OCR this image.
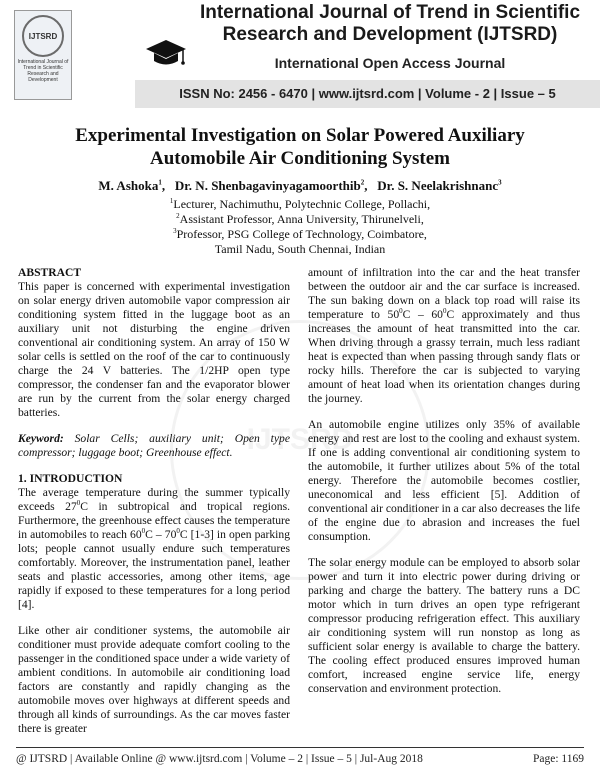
IJTSRD
International Journal of Trend in Scientific Research and Development
International Journal of Trend in Scientific
Research and Development (IJTSRD)
International Open Access Journal
ISSN No: 2456 - 6470 | www.ijtsrd.com | Volume - 2 | Issue – 5
IJTSRD
Experimental Investigation on Solar Powered Auxiliary
Automobile Air Conditioning System
M. Ashoka$^1$,   Dr. N. Shenbagavinyagamoorthib$^2$,   Dr. S. Neelakrishnanc$^3$
$^1$Lecturer, Nachimuthu, Polytechnic College, Pollachi,
$^2$Assistant Professor, Anna University, Thirunelveli,
$^3$Professor, PSG College of Technology, Coimbatore,
Tamil Nadu, South Chennai, Indian
ABSTRACT

This paper is concerned with experimental investigation on solar energy driven automobile vapor compression air conditioning system fitted in the luggage boot as an auxiliary unit not disturbing the engine driven conventional air conditioning system. An array of 150 W solar cells is settled on the roof of the car to continuously charge the 24 V batteries. The 1/2HP open type compressor, the condenser fan and the evaporator blower are run by the current from the solar energy charged batteries.

Keyword: Solar Cells; auxiliary unit; Open type compressor; luggage boot; Greenhouse effect.

1. INTRODUCTION

The average temperature during the summer typically exceeds $27^0C$ in subtropical and tropical regions. Furthermore, the greenhouse effect causes the temperature in automobiles to reach $60^0C - 70^0C$ [1-3] in open parking lots; people cannot usually endure such temperatures comfortably. Moreover, the instrumentation panel, leather seats and plastic accessories, among other items, age rapidly if exposed to these temperatures for a long period [4].

Like other air conditioner systems, the automobile air conditioner must provide adequate comfort cooling to the passenger in the conditioned space under a wide variety of ambient conditions. In automobile air conditioning load factors are constantly and rapidly changing as the automobile moves over highways at different speeds and through all kinds of surroundings. As the car moves faster there is greater

amount of infiltration into the car and the heat transfer between the outdoor air and the car surface is increased. The sun baking down on a black top road will raise its temperature to $50^0C - 60^0C$ approximately and thus increases the amount of heat transmitted into the car. When driving through a grassy terrain, much less radiant heat is expected than when passing through sandy flats or rocky hills. Therefore the car is subjected to varying amount of heat load when its orientation changes during the journey.

An automobile engine utilizes only 35% of available energy and rest are lost to the cooling and exhaust system. If one is adding conventional air conditioning system to the automobile, it further utilizes about 5% of the total energy. Therefore the automobile becomes costlier, uneconomical and less efficient [5]. Addition of conventional air conditioner in a car also decreases the life of the engine due to abrasion and increases the fuel consumption.

The solar energy module can be employed to absorb solar power and turn it into electric power during driving or parking and charge the battery. The battery runs a DC motor which in turn drives an open type refrigerant compressor producing refrigeration effect. This auxiliary air conditioning system will run nonstop as long as sufficient solar energy is available to charge the battery. The cooling effect produced ensures improved human comfort, increased engine service life, energy conservation and environment protection.

@ IJTSRD | Available Online @ www.ijtsrd.com | Volume – 2 | Issue – 5 | Jul-Aug 2018	Page: 1169
